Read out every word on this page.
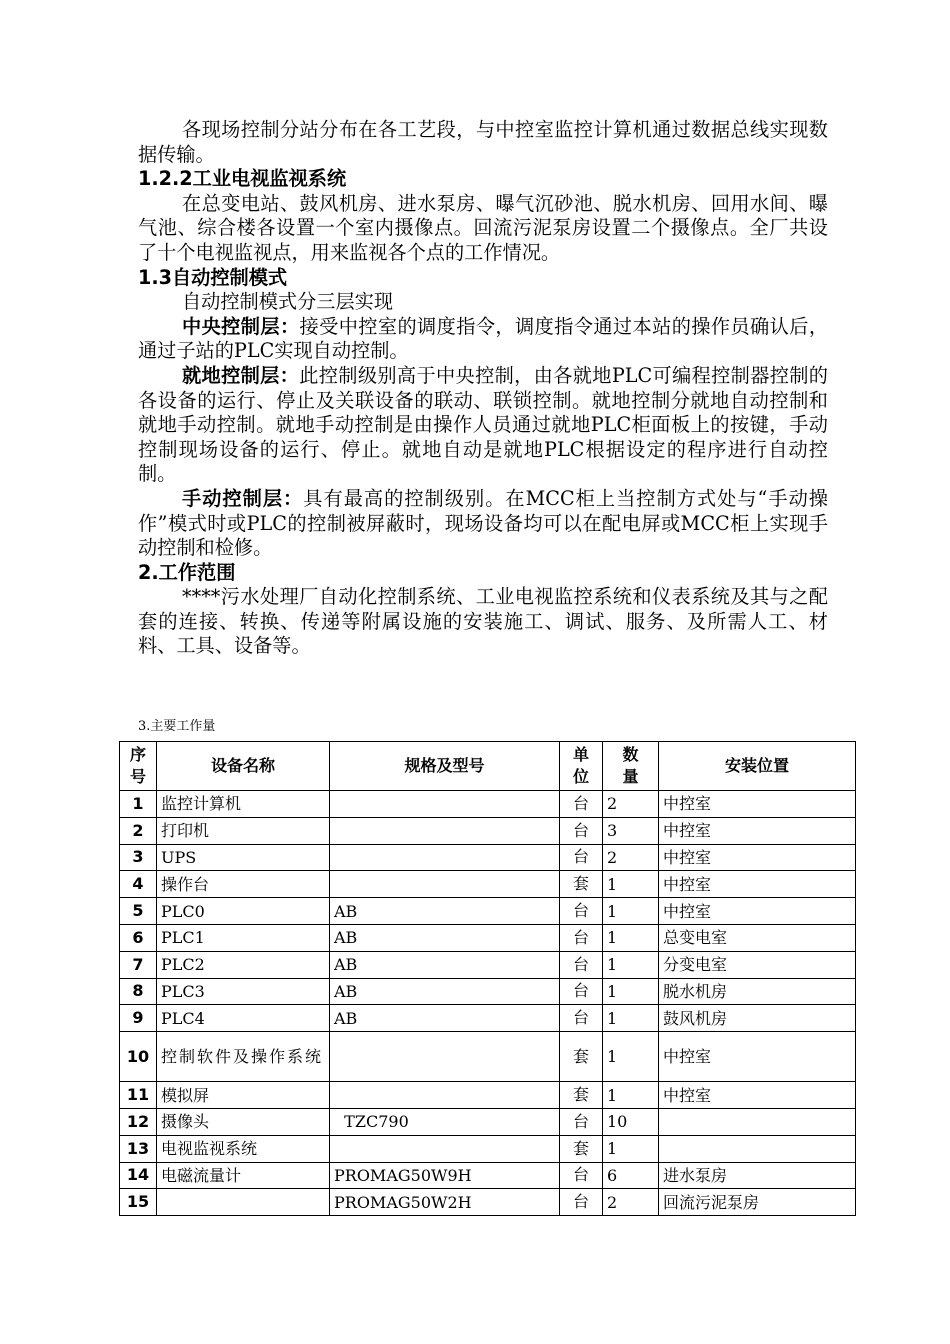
各现场控制分站分布在各工艺段，与中控室监控计算机通过数据总线实现数据传输。

1.2.2工业电视监视系统

在总变电站、鼓风机房、进水泵房、曝气沉砂池、脱水机房、回用水间、曝气池、综合楼各设置一个室内摄像点。回流污泥泵房设置二个摄像点。全厂共设了十个电视监视点，用来监视各个点的工作情况。

1.3自动控制模式

自动控制模式分三层实现

中央控制层：接受中控室的调度指令，调度指令通过本站的操作员确认后，通过子站的PLC实现自动控制。

就地控制层：此控制级别高于中央控制，由各就地PLC可编程控制器控制的各设备的运行、停止及关联设备的联动、联锁控制。就地控制分就地自动控制和就地手动控制。就地手动控制是由操作人员通过就地PLC柜面板上的按键，手动控制现场设备的运行、停止。就地自动是就地PLC根据设定的程序进行自动控制。

手动控制层：具有最高的控制级别。在MCC柜上当控制方式处与“手动操作”模式时或PLC的控制被屏蔽时，现场设备均可以在配电屏或MCC柜上实现手动控制和检修。

2.工作范围

****污水处理厂自动化控制系统、工业电视监控系统和仪表系统及其与之配套的连接、转换、传递等附属设施的安装施工、调试、服务、及所需人工、材料、工具、设备等。

3.主要工作量
序号	设备名称	规格及型号	单位	数量	安装位置
1	监控计算机		台	2	中控室
2	打印机		台	3	中控室
3	UPS		台	2	中控室
4	操作台		套	1	中控室
5	PLC0	AB	台	1	中控室
6	PLC1	AB	台	1	总变电室
7	PLC2	AB	台	1	分变电室
8	PLC3	AB	台	1	脱水机房
9	PLC4	AB	台	1	鼓风机房
10	控制软件及操作系统		套	1	中控室
11	模拟屏		套	1	中控室
12	摄像头	TZC790	台	10	
13	电视监视系统		套	1	
14	电磁流量计	PROMAG50W9H	台	6	进水泵房
15		PROMAG50W2H	台	2	回流污泥泵房
